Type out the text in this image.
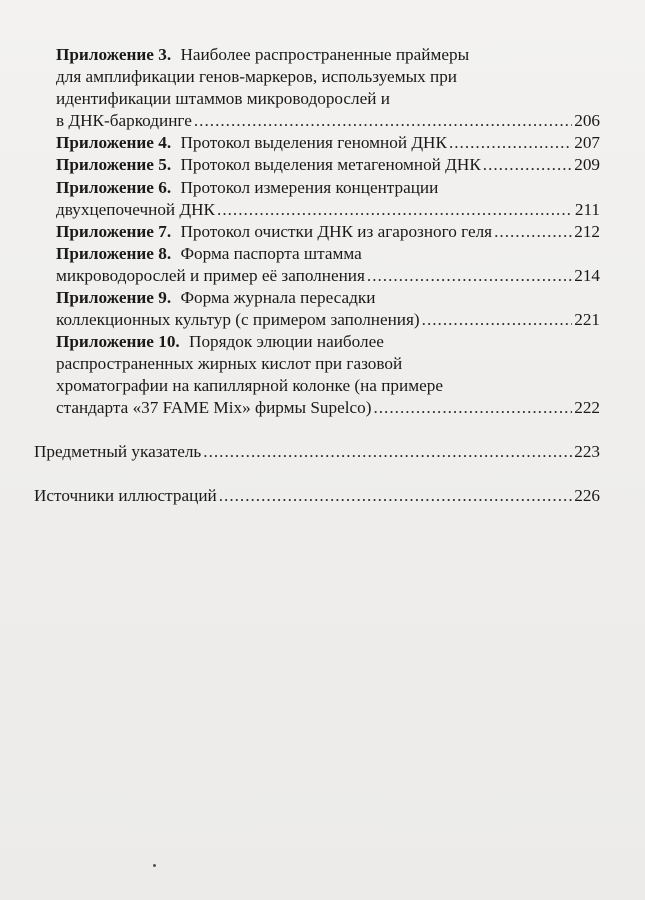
Приложение 3. Наиболее распространенные праймеры
для амплификации генов-маркеров, используемых при
идентификации штаммов микроводорослей и
в ДНК-баркодинге .....	206
Приложение 4. Протокол выделения геномной ДНК .....	207
Приложение 5. Протокол выделения метагеномной ДНК .....	209
Приложение 6. Протокол измерения концентрации
двухцепочечной ДНК .....	211
Приложение 7. Протокол очистки ДНК из агарозного геля .....	212
Приложение 8. Форма паспорта штамма
микроводорослей и пример её заполнения .....	214
Приложение 9. Форма журнала пересадки
коллекционных культур (с примером заполнения) .....	221
Приложение 10. Порядок элюции наиболее
распространенных жирных кислот при газовой
хроматографии на капиллярной колонке (на примере
стандарта «37 FAME Mix» фирмы Supelco) .....	222
Предметный указатель .....	223
Источники иллюстраций .....	226
